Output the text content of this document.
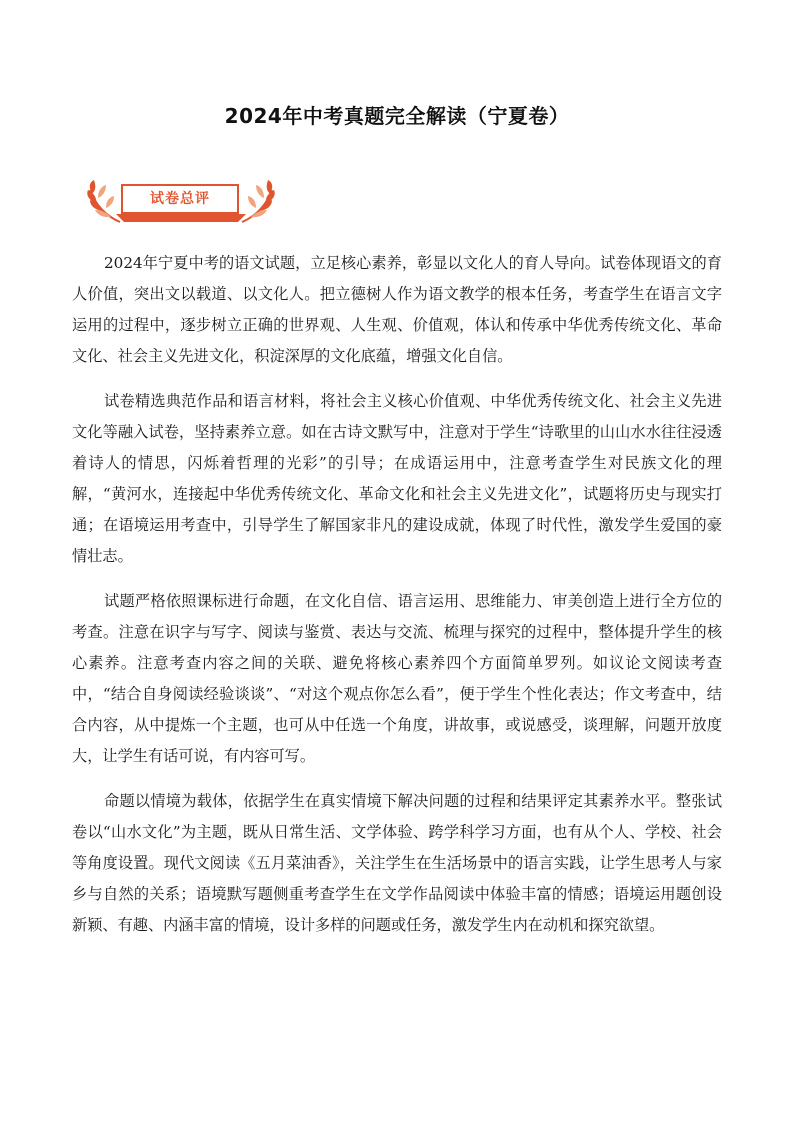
2024年中考真题完全解读（宁夏卷）
试卷总评

2024年宁夏中考的语文试题，立足核心素养，彰显以文化人的育人导向。试卷体现语文的育人价值，突出文以载道、以文化人。把立德树人作为语文教学的根本任务，考查学生在语言文字运用的过程中，逐步树立正确的世界观、人生观、价值观，体认和传承中华优秀传统文化、革命文化、社会主义先进文化，积淀深厚的文化底蕴，增强文化自信。

试卷精选典范作品和语言材料，将社会主义核心价值观、中华优秀传统文化、社会主义先进文化等融入试卷，坚持素养立意。如在古诗文默写中，注意对于学生“诗歌里的山山水水往往浸透着诗人的情思，闪烁着哲理的光彩”的引导；在成语运用中，注意考查学生对民族文化的理解，“黄河水，连接起中华优秀传统文化、革命文化和社会主义先进文化”，试题将历史与现实打通；在语境运用考查中，引导学生了解国家非凡的建设成就，体现了时代性，激发学生爱国的豪情壮志。

试题严格依照课标进行命题，在文化自信、语言运用、思维能力、审美创造上进行全方位的考查。注意在识字与写字、阅读与鉴赏、表达与交流、梳理与探究的过程中，整体提升学生的核心素养。注意考查内容之间的关联、避免将核心素养四个方面简单罗列。如议论文阅读考查中，“结合自身阅读经验谈谈”、“对这个观点你怎么看”，便于学生个性化表达；作文考查中，结合内容，从中提炼一个主题，也可从中任选一个角度，讲故事，或说感受，谈理解，问题开放度大，让学生有话可说，有内容可写。

命题以情境为载体，依据学生在真实情境下解决问题的过程和结果评定其素养水平。整张试卷以“山水文化”为主题，既从日常生活、文学体验、跨学科学习方面，也有从个人、学校、社会等角度设置。现代文阅读《五月菜油香》，关注学生在生活场景中的语言实践，让学生思考人与家乡与自然的关系；语境默写题侧重考查学生在文学作品阅读中体验丰富的情感；语境运用题创设新颖、有趣、内涵丰富的情境，设计多样的问题或任务，激发学生内在动机和探究欲望。
